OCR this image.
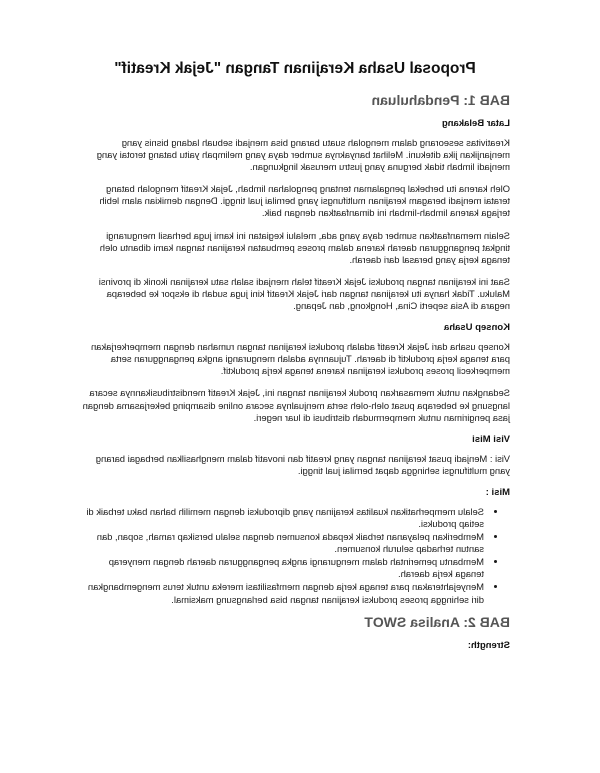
Proposal Usaha Kerajinan Tangan "Jejak Kreatif"
BAB 1: Pendahuluan
Latar Belakang

Kreativitas seseorang dalam mengolah suatu barang bisa menjadi sebuah ladang bisnis yang menjanjikan jika ditekuni. Melihat banyaknya sumber daya yang melimpah yaitu batang terotai yang menjadi limbah tidak berguna yang justru merusak lingkungan.

Oleh karena itu berbekal pengalaman tentang pengolahan limbah, Jejak Kreatif mengolah batang teratai menjadi beragam kerajinan multifungsi yang bernilai jual tinggi. Dengan demikian alam lebih terjaga karena limbah-limbah ini dimanfaatkan dengan baik.

Selain memanfaatkan sumber daya yang ada, melalui kegiatan ini kami juga berhasil mengurangi tingkat pengangguran daerah karena dalam proses pembuatan kerajinan tangan kami dibantu oleh tenaga kerja yang berasal dari daerah.

Saat ini kerajinan tangan produksi Jejak Kreatif telah menjadi salah satu kerajinan ikonik di provinsi Maluku. Tidak hanya itu kerajinan tangan dari Jejak Kreatif kini juga sudah di ekspor ke beberapa negara di Asia seperti Cina, Hongkong, dan Jepang.

Konsep Usaha

Konsep usaha dari Jejak Kreatif adalah produksi kerajinan tangan rumahan dengan memperkerjakan para tenaga kerja produktif di daerah. Tujuannya adalah mengurangi angka pengangguran serta memperkecil proses produksi kerajinan karena tenaga kerja produktif.

Sedangkan untuk memasarkan produk kerajinan tangan ini, Jejak Kreatif mendistribusikannya secara langsung ke beberapa pusat oleh-oleh serta menjualnya secara online disamping bekerjasama dengan jasa pengiriman untuk mempermudah distribusi di luar negeri.

Visi Misi

Visi : Menjadi pusat kerajinan tangan yang kreatif dan inovatif dalam menghasilkan berbagai barang yang multifungsi sehingga dapat bernilai jual tinggi.

Misi :
• Selalu memperhatikan kualitas kerajinan yang diproduksi dengan memilih bahan baku terbaik di setiap produksi.
• Memberikan pelayanan terbaik kepada konsumen dengan selalu bersikap ramah, sopan, dan santun terhadap seluruh konsumen.
• Membantu pemerintah dalam mengurangi angka pengangguran daerah dengan menyerap tenaga kerja daerah.
• Menyejahterakan para tenaga kerja dengan memfasilitasi mereka untuk terus mengembangkan diri sehingga proses produksi kerajinan tangan bisa berlangsung maksimal.
BAB 2: Analisa SWOT
Strength:
